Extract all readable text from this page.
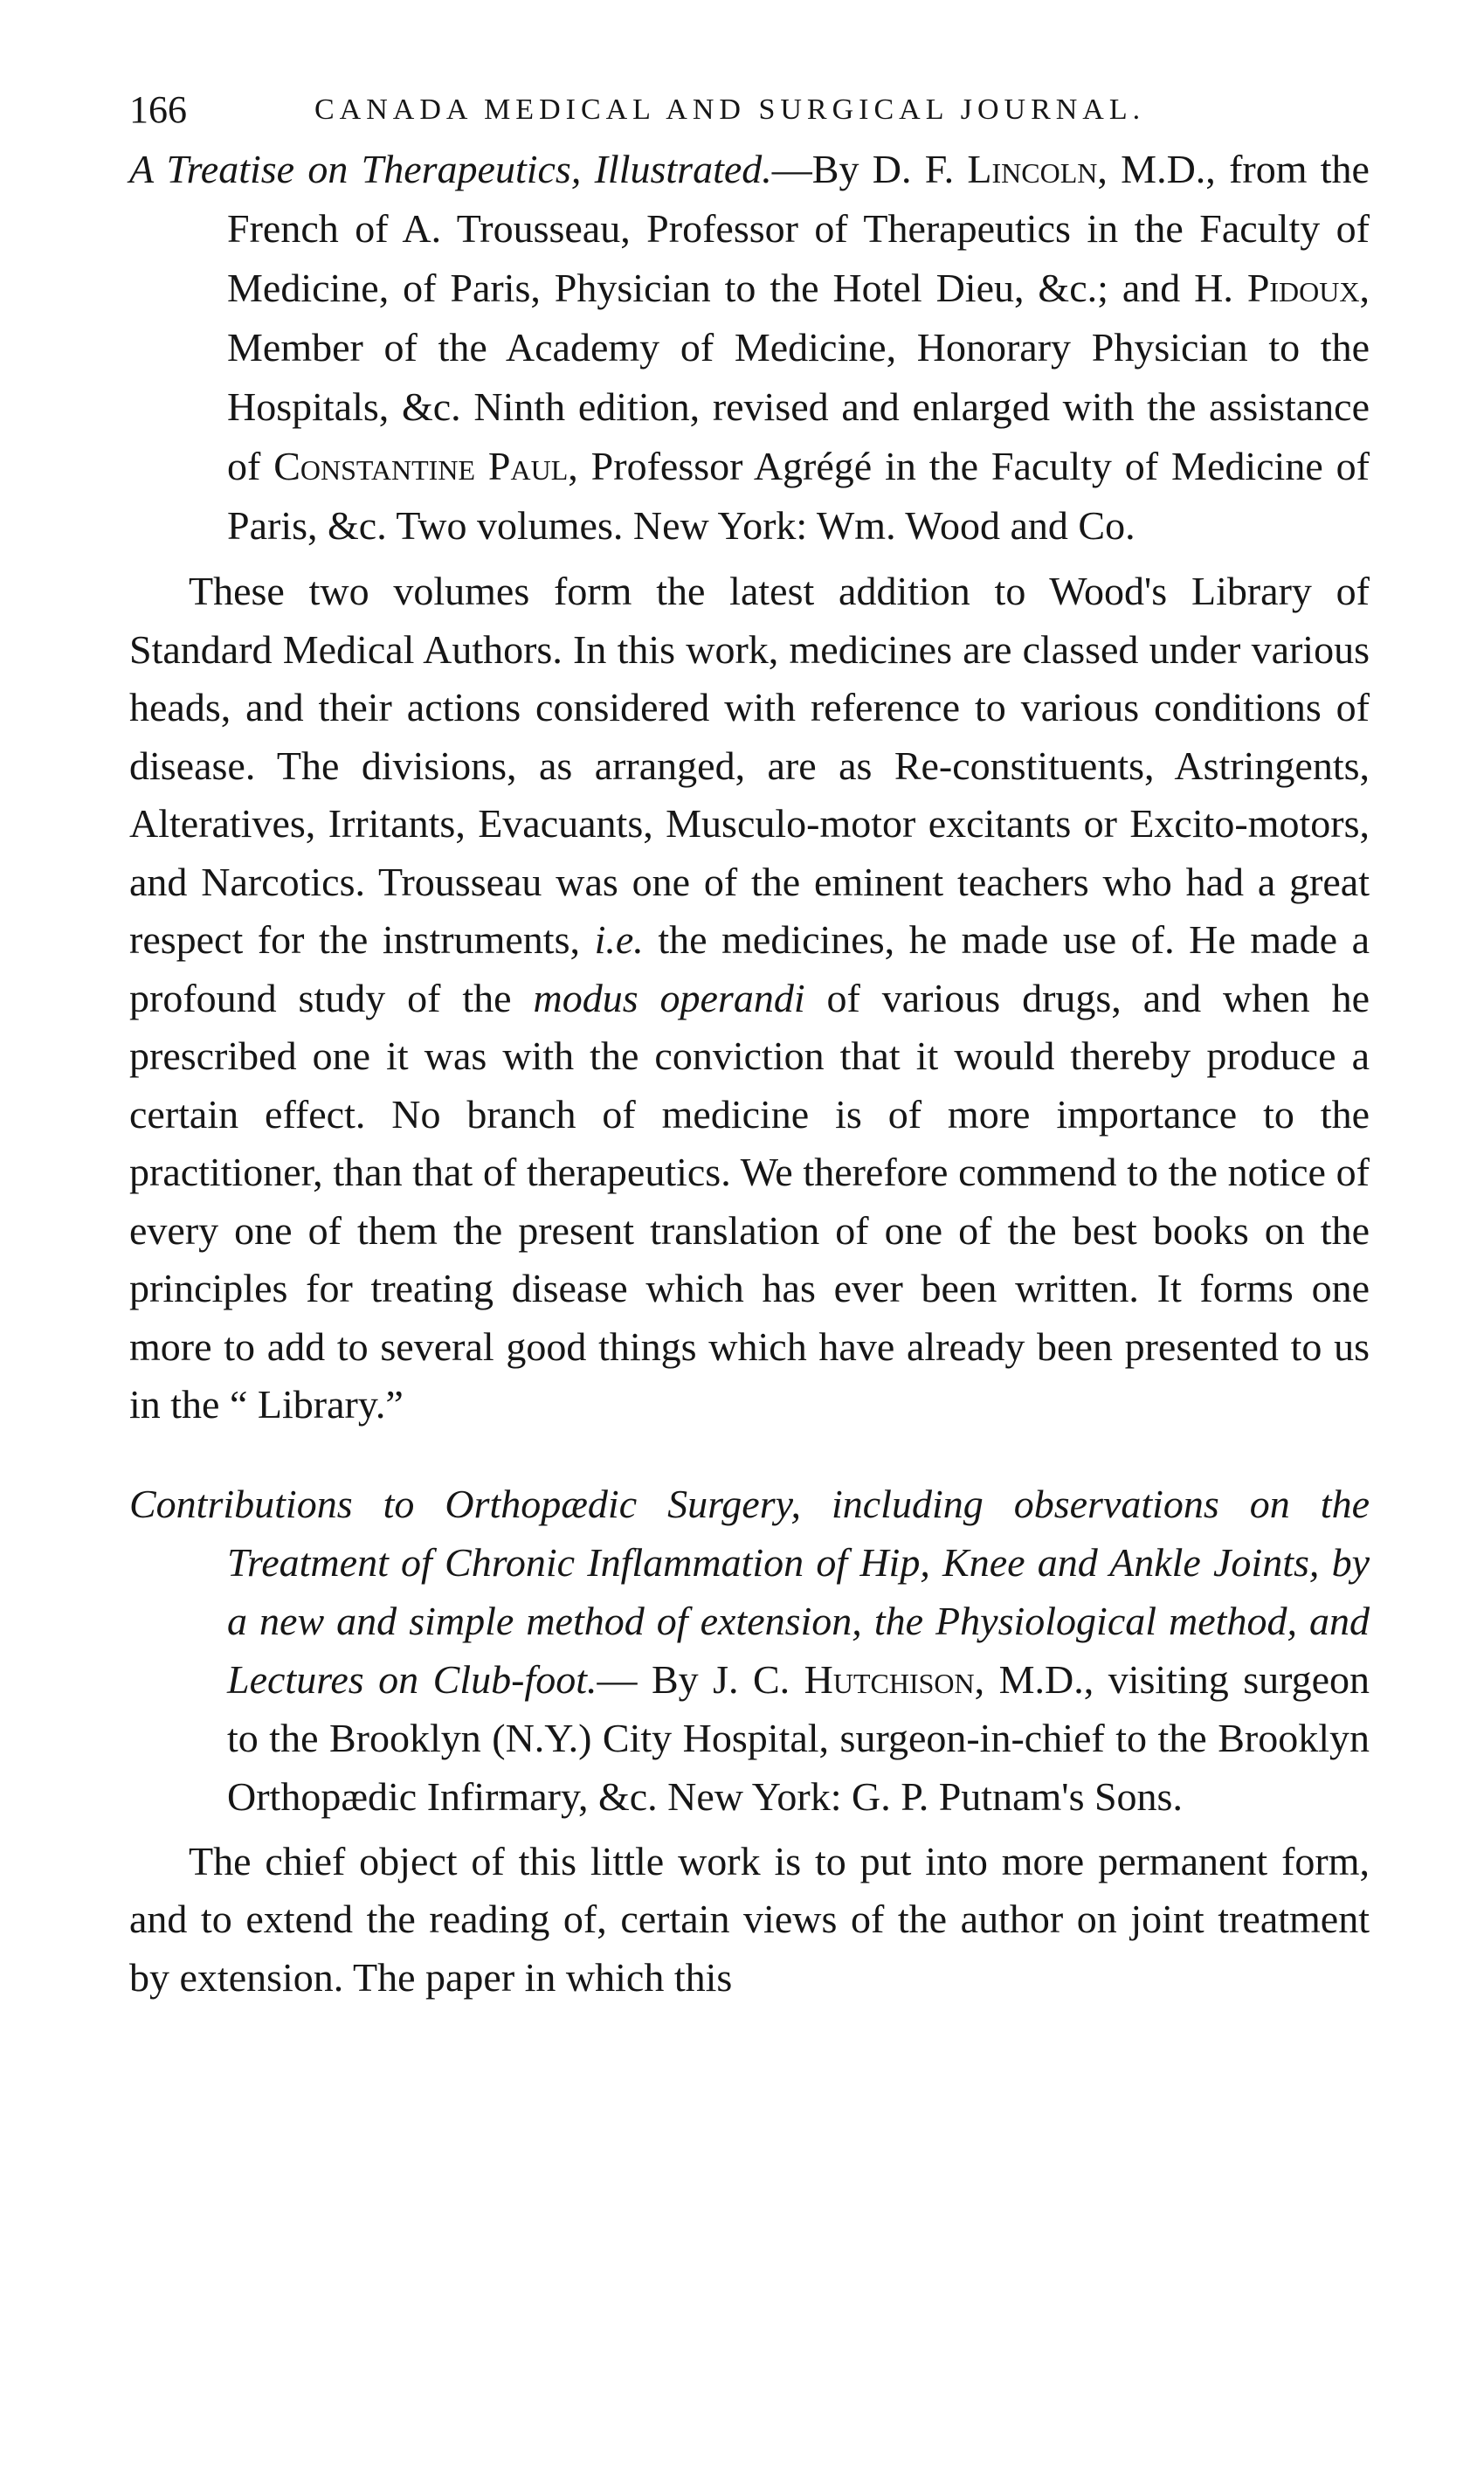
166	CANADA MEDICAL AND SURGICAL JOURNAL.

A Treatise on Therapeutics, Illustrated.—By D. F. Lincoln, M.D., from the French of A. Trousseau, Professor of Therapeutics in the Faculty of Medicine, of Paris, Physician to the Hotel Dieu, &c.; and H. Pidoux, Member of the Academy of Medicine, Honorary Physician to the Hospitals, &c. Ninth edition, revised and enlarged with the assistance of Constantine Paul, Professor Agrégé in the Faculty of Medicine of Paris, &c. Two volumes. New York: Wm. Wood and Co.

These two volumes form the latest addition to Wood's Library of Standard Medical Authors. In this work, medicines are classed under various heads, and their actions considered with reference to various conditions of disease. The divisions, as arranged, are as Re-constituents, Astringents, Alteratives, Irritants, Evacuants, Musculo-motor excitants or Excito-motors, and Narcotics. Trousseau was one of the eminent teachers who had a great respect for the instruments, i.e. the medicines, he made use of. He made a profound study of the modus operandi of various drugs, and when he prescribed one it was with the conviction that it would thereby produce a certain effect. No branch of medicine is of more importance to the practitioner, than that of therapeutics. We therefore commend to the notice of every one of them the present translation of one of the best books on the principles for treating disease which has ever been written. It forms one more to add to several good things which have already been presented to us in the “ Library.”

Contributions to Orthopædic Surgery, including observations on the Treatment of Chronic Inflammation of Hip, Knee and Ankle Joints, by a new and simple method of extension, the Physiological method, and Lectures on Club-foot.— By J. C. Hutchison, M.D., visiting surgeon to the Brooklyn (N.Y.) City Hospital, surgeon-in-chief to the Brooklyn Orthopædic Infirmary, &c. New York: G. P. Putnam's Sons.

The chief object of this little work is to put into more permanent form, and to extend the reading of, certain views of the author on joint treatment by extension. The paper in which this
